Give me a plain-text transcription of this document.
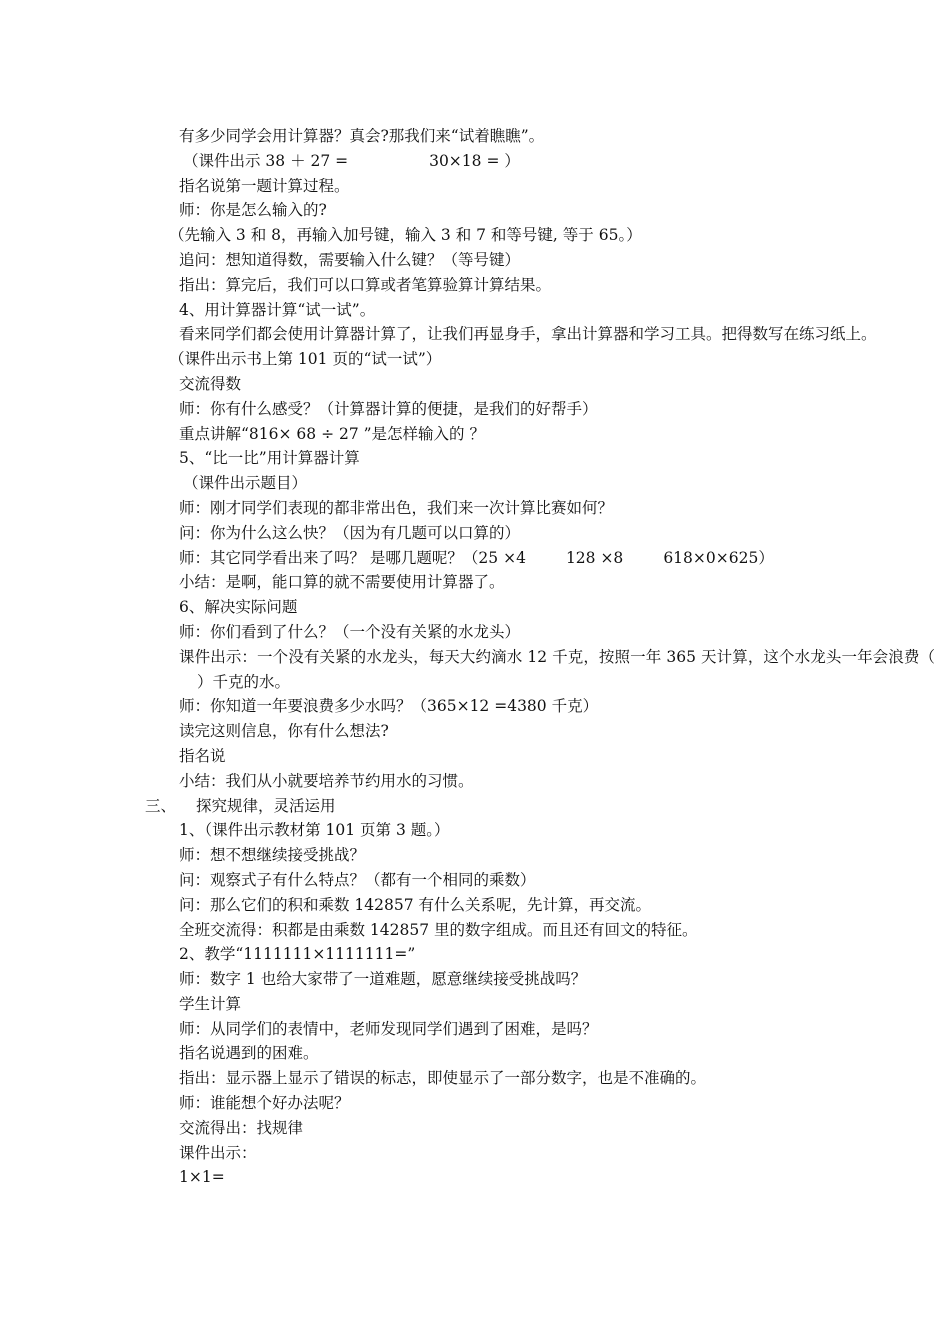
有多少同学会用计算器？真会?那我们来“试着瞧瞧”。
（课件出示 38 ＋ 27 =	30×18 = ）
指名说第一题计算过程。
师：你是怎么输入的?
（先输入 3 和 8，再输入加号键，输入 3 和 7 和等号键, 等于 65。）
追问：想知道得数，需要输入什么键？（等号键）
指出：算完后，我们可以口算或者笔算验算计算结果。
4、用计算器计算“试一试”。
看来同学们都会使用计算器计算了，让我们再显身手，拿出计算器和学习工具。把得数写在练习纸上。
（课件出示书上第 101 页的“试一试”）
交流得数
师：你有什么感受？（计算器计算的便捷，是我们的好帮手）
重点讲解“816× 68 ÷ 27 ”是怎样输入的 ？
5、“比一比”用计算器计算
（课件出示题目）
师：刚才同学们表现的都非常出色，我们来一次计算比赛如何？
问：你为什么这么快？（因为有几题可以口算的）
师：其它同学看出来了吗？ 是哪几题呢？（25 ×4	128 ×8	618×0×625）
小结：是啊，能口算的就不需要使用计算器了。
6、解决实际问题
师：你们看到了什么？（一个没有关紧的水龙头）
课件出示：一个没有关紧的水龙头，每天大约滴水 12 千克，按照一年 365 天计算，这个水龙头一年会浪费（）千克的水。
师：你知道一年要浪费多少水吗？（365×12 =4380 千克）
读完这则信息，你有什么想法?
指名说
小结：我们从小就要培养节约用水的习惯。
三、 探究规律，灵活运用
1、（课件出示教材第 101 页第 3 题。）
师：想不想继续接受挑战？
问：观察式子有什么特点？（都有一个相同的乘数）
问：那么它们的积和乘数 142857 有什么关系呢，先计算，再交流。
全班交流得：积都是由乘数 142857 里的数字组成。而且还有回文的特征。
2、教学“1111111×1111111=”
师：数字 1 也给大家带了一道难题，愿意继续接受挑战吗？
学生计算
师：从同学们的表情中，老师发现同学们遇到了困难，是吗？
指名说遇到的困难。
指出：显示器上显示了错误的标志，即使显示了一部分数字，也是不准确的。
师：谁能想个好办法呢？
交流得出：找规律
课件出示：
1×1=
